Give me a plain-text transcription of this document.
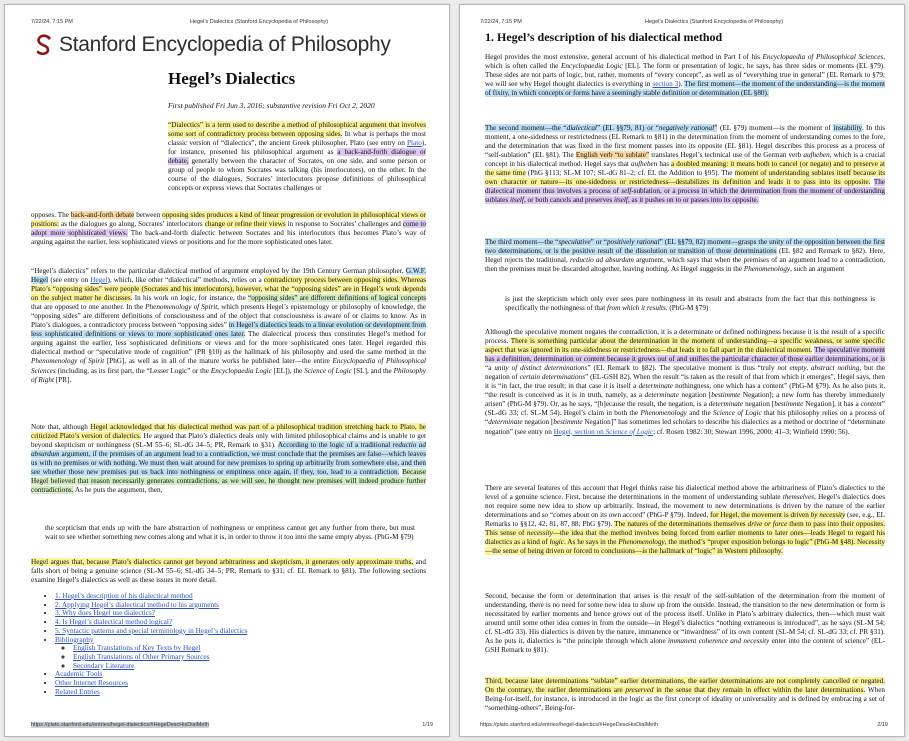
7/22/24, 7:15 PM	Hegel’s Dialectics (Stanford Encyclopedia of Philosophy)
Stanford Encyclopedia of Philosophy
Hegel’s Dialectics
First published Fri Jun 3, 2016; substantive revision Fri Oct 2, 2020

“Dialectics” is a term used to describe a method of philosophical argument that involves some sort of contradictory process between opposing sides. In what is perhaps the most classic version of “dialectics”, the ancient Greek philosopher, Plato (see entry on Plato), for instance, presented his philosophical argument as a back-and-forth dialogue or debate, generally between the character of Socrates, on one side, and some person or group of people to whom Socrates was talking (his interlocutors), on the other. In the course of the dialogues, Socrates’ interlocutors propose definitions of philosophical concepts or express views that Socrates challenges or

opposes. The back-and-forth debate between opposing sides produces a kind of linear progression or evolution in philosophical views or positions: as the dialogues go along, Socrates’ interlocutors change or refine their views in response to Socrates’ challenges and come to adopt more sophisticated views. The back-and-forth dialectic between Socrates and his interlocutors thus becomes Plato’s way of arguing against the earlier, less sophisticated views or positions and for the more sophisticated ones later.

“Hegel’s dialectics” refers to the particular dialectical method of argument employed by the 19th Century German philosopher, G.W.F. Hegel (see entry on Hegel), which, like other “dialectical” methods, relies on a contradictory process between opposing sides. Whereas Plato’s “opposing sides” were people (Socrates and his interlocutors), however, what the “opposing sides” are in Hegel’s work depends on the subject matter he discusses. In his work on logic, for instance, the “opposing sides” are different definitions of logical concepts that are opposed to one another. In the Phenomenology of Spirit, which presents Hegel’s epistemology or philosophy of knowledge, the “opposing sides” are different definitions of consciousness and of the object that consciousness is aware of or claims to know. As in Plato’s dialogues, a contradictory process between “opposing sides” in Hegel’s dialectics leads to a linear evolution or development from less sophisticated definitions or views to more sophisticated ones later. The dialectical process thus constitutes Hegel’s method for arguing against the earlier, less sophisticated definitions or views and for the more sophisticated ones later. Hegel regarded this dialectical method or “speculative mode of cognition” (PR §10) as the hallmark of his philosophy and used the same method in the Phenomenology of Spirit [PhG], as well as in all of the mature works he published later—the entire Encyclopaedia of Philosophical Sciences (including, as its first part, the “Lesser Logic” or the Encyclopaedia Logic [EL]), the Science of Logic [SL], and the Philosophy of Right [PR].

Note that, although Hegel acknowledged that his dialectical method was part of a philosophical tradition stretching back to Plato, he criticized Plato’s version of dialectics. He argued that Plato’s dialectics deals only with limited philosophical claims and is unable to get beyond skepticism or nothingness (SL-M 55–6; SL-dG 34–5; PR, Remark to §31). According to the logic of a traditional reductio ad absurdum argument, if the premises of an argument lead to a contradiction, we must conclude that the premises are false—which leaves us with no premises or with nothing. We must then wait around for new premises to spring up arbitrarily from somewhere else, and then see whether those new premises put us back into nothingness or emptiness once again, if they, too, lead to a contradiction. Because Hegel believed that reason necessarily generates contradictions, as we will see, he thought new premises will indeed produce further contradictions. As he puts the argument, then,

the scepticism that ends up with the bare abstraction of nothingness or emptiness cannot get any further from there, but must wait to see whether something new comes along and what it is, in order to throw it too into the same empty abyss. (PhG-M §79)

Hegel argues that, because Plato’s dialectics cannot get beyond arbitrariness and skepticism, it generates only approximate truths, and falls short of being a genuine science (SL-M 55–6; SL-dG 34–5; PR, Remark to §31; cf. EL Remark to §81). The following sections examine Hegel’s dialectics as well as these issues in more detail.

• 1. Hegel’s description of his dialectical method
• 2. Applying Hegel’s dialectical method to his arguments
• 3. Why does Hegel use dialectics?
• 4. Is Hegel’s dialectical method logical?
• 5. Syntactic patterns and special terminology in Hegel’s dialectics
• Bibliography
◦ English Translations of Key Texts by Hegel
◦ English Translations of Other Primary Sources
◦ Secondary Literature
• Academic Tools
• Other Internet Resources
• Related Entries
https://plato.stanford.edu/entries/hegel-dialectics/#HegeDescHisDialMeth	1/19
7/22/24, 7:15 PM	Hegel’s Dialectics (Stanford Encyclopedia of Philosophy)
1. Hegel’s description of his dialectical method

Hegel provides the most extensive, general account of his dialectical method in Part I of his Encyclopaedia of Philosophical Sciences, which is often called the Encyclopaedia Logic [EL]. The form or presentation of logic, he says, has three sides or moments (EL §79). These sides are not parts of logic, but, rather, moments of “every concept”, as well as of “everything true in general” (EL Remark to §79; we will see why Hegel thought dialectics is everything in section 3). The first moment—the moment of the understanding—is the moment of fixity, in which concepts or forms have a seemingly stable definition or determination (EL §80).

The second moment—the “dialectical” (EL §§79, 81) or “negatively rational” (EL §79) moment—is the moment of instability. In this moment, a one-sidedness or restrictedness (EL Remark to §81) in the determination from the moment of understanding comes to the fore, and the determination that was fixed in the first moment passes into its opposite (EL §81). Hegel describes this process as a process of “self-sublation” (EL §81). The English verb “to sublate” translates Hegel’s technical use of the German verb aufheben, which is a crucial concept in his dialectical method. Hegel says that aufheben has a doubled meaning: it means both to cancel (or negate) and to preserve at the same time (PhG §113; SL-M 107; SL-dG 81–2; cf. EL the Addition to §95). The moment of understanding sublates itself because its own character or nature—its one-sidedness or restrictedness—destabilizes its definition and leads it to pass into its opposite. The dialectical moment thus involves a process of self-sublation, or a process in which the determination from the moment of understanding sublates itself, or both cancels and preserves itself, as it pushes on to or passes into its opposite.

The third moment—the “speculative” or “positively rational” (EL §§79, 82) moment—grasps the unity of the opposition between the first two determinations, or is the positive result of the dissolution or transition of those determinations (EL §82 and Remark to §82). Here, Hegel rejects the traditional, reductio ad absurdum argument, which says that when the premises of an argument lead to a contradiction, then the premises must be discarded altogether, leaving nothing. As Hegel suggests in the Phenomenology, such an argument

is just the skepticism which only ever sees pure nothingness in its result and abstracts from the fact that this nothingness is specifically the nothingness of that from which it results. (PhG-M §79)

Although the speculative moment negates the contradiction, it is a determinate or defined nothingness because it is the result of a specific process. There is something particular about the determination in the moment of understanding—a specific weakness, or some specific aspect that was ignored in its one-sidedness or restrictedness—that leads it to fall apart in the dialectical moment. The speculative moment has a definition, determination or content because it grows out of and unifies the particular character of those earlier determinations, or is “a unity of distinct determinations” (EL Remark to §82). The speculative moment is thus “truly not empty, abstract nothing, but the negation of certain determinations” (EL-GSH 82). When the result “is taken as the result of that from which it emerges”, Hegel says, then it is “in fact, the true result; in that case it is itself a determinate nothingness, one which has a content” (PhG-M §79). As he also puts it, “the result is conceived as it is in truth, namely, as a determinate negation [bestimmte Negation]; a new form has thereby immediately arisen” (PhG-M §79). Or, as he says, “[b]ecause the result, the negation, is a determinate negation [bestimmte Negation], it has a content” (SL-dG 33; cf. SL-M 54). Hegel’s claim in both the Phenomenology and the Science of Logic that his philosophy relies on a process of “determinate negation [bestimmte Negation]” has sometimes led scholars to describe his dialectics as a method or doctrine of “determinate negation” (see entry on Hegel, section on Science of Logic; cf. Rosen 1982: 30; Stewart 1996, 2000: 41–3; Winfield 1990: 56).

There are several features of this account that Hegel thinks raise his dialectical method above the arbitrariness of Plato’s dialectics to the level of a genuine science. First, because the determinations in the moment of understanding sublate themselves, Hegel’s dialectics does not require some new idea to show up arbitrarily. Instead, the movement to new determinations is driven by the nature of the earlier determinations and so “comes about on its own accord” (PhG-P §79). Indeed, for Hegel, the movement is driven by necessity (see, e.g., EL Remarks to §§12, 42, 81, 87, 88; PhG §79). The natures of the determinations themselves drive or force them to pass into their opposites. This sense of necessity—the idea that the method involves being forced from earlier moments to later ones—leads Hegel to regard his dialectics as a kind of logic. As he says in the Phenomenology, the method’s “proper exposition belongs to logic” (PhG-M §48). Necessity—the sense of being driven or forced to conclusions—is the hallmark of “logic” in Western philosophy.

Second, because the form or determination that arises is the result of the self-sublation of the determination from the moment of understanding, there is no need for some new idea to show up from the outside. Instead, the transition to the new determination or form is necessitated by earlier moments and hence grows out of the process itself. Unlike in Plato’s arbitrary dialectics, then—which must wait around until some other idea comes in from the outside—in Hegel’s dialectics “nothing extraneous is introduced”, as he says (SL-M 54; cf. SL-dG 33). His dialectics is driven by the nature, immanence or “inwardness” of its own content (SL-M 54; cf. SL-dG 33; cf. PR §31). As he puts it, dialectics is “the principle through which alone immanent coherence and necessity enter into the content of science” (EL-GSH Remark to §81).

Third, because later determinations “sublate” earlier determinations, the earlier determinations are not completely cancelled or negated. On the contrary, the earlier determinations are preserved in the sense that they remain in effect within the later determinations. When Being-for-itself, for instance, is introduced in the logic as the first concept of ideality or universality and is defined by embracing a set of “something-others”, Being-for-

https://plato.stanford.edu/entries/hegel-dialectics/#HegeDescHisDialMeth	2/19
